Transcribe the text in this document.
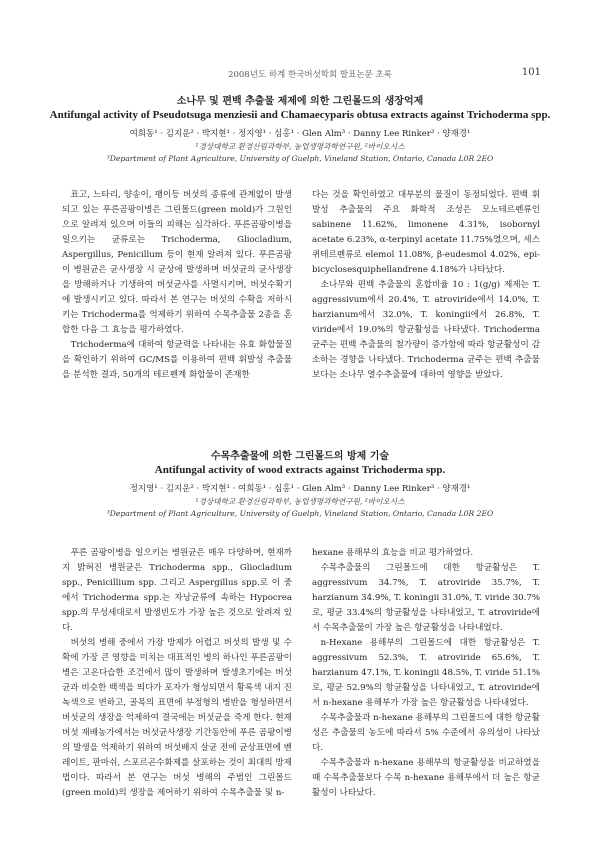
2008년도 하계 한국버섯학회 발표논문 초록	101
소나무 및 편백 추출물 제제에 의한 그린몰드의 생장억제
Antifungal activity of Pseudotsuga menziesii and Chamaecyparis obtusa extracts against Trichoderma spp.
여희동¹ · 김지운² · 박지현¹ · 정지영¹ · 심홍¹ · Glen Alm³ · Danny Lee Rinker³ · 양재경¹
¹경상대학교 환경산림과학부, 농업생명과학연구원, ²바이오시스
³Department of Plant Agriculture, University of Guelph, Vineland Station, Ontario, Canada L0R 2EO

표고, 느타리, 양송이, 팽이등 버섯의 종류에 관계없이 발생되고 있는 푸른곰팡이병은 그린몰드(green mold)가 그원인으로 알려져 있으며 이들의 피해는 심각하다. 푸른곰팡이병을 일으키는 균류로는 Trichoderma, Gliocladium, Aspergillus, Penicillum 등이 현재 알려져 있다. 푸른곰팡이 병원균은 균사생장 시 균상에 발생하며 버섯균의 균사생장을 방해하거나 기생하여 버섯균사를 사멸시키며, 버섯수확기에 발생시키고 있다. 따라서 본 연구는 버섯의 수확을 저하시키는 Trichoderma를 억제하기 위하여 수목추출물 2종을 혼합한 다음 그 효능을 평가하였다.

Trichoderma에 대하여 항균력을 나타내는 유효 화합물질을 확인하기 위하여 GC/MS를 이용하여 편백 휘발성 추출물을 분석한 결과, 50개의 테르펜계 화합물이 존재한

다는 것을 확인하였고 대부분의 물질이 동정되었다. 편백 휘발성 추출물의 주요 화학적 조성은 모노테르펜류인 sabinene 11.62%, limonene 4.31%, isobornyl acetate 6.23%, α-terpinyl acetate 11.75%였으며, 세스퀴테르펜류로 elemol 11.08%, β-eudesmol 4.02%, epi-bicyclosesquiphellandrene 4.18%가 나타났다.

소나무와 편백 추출물의 혼합비율 10 : 1(g/g) 제제는 T. aggressivum에서 20.4%, T. atroviride에서 14.0%, T. harzianum에서 32.0%, T. koningii에서 26.8%, T. viride에서 19.0%의 항균활성을 나타냈다. Trichoderma 균주는 편백 추출물의 첨가량이 증가함에 따라 항균활성이 감소하는 경향을 나타냈다. Trichoderma 균주는 편백 추출물보다는 소나무 열수추출물에 대하여 영향을 받았다.

수목추출물에 의한 그린몰드의 방제 기술
Antifungal activity of wood extracts against Trichoderma spp.
정지영¹ · 김지운² · 박지현¹ · 여희동¹ · 심홍¹ · Glen Alm³ · Danny Lee Rinker³ · 양재경¹
¹경상대학교 환경산림과학부, 농업생명과학연구원, ²바이오시스
³Department of Plant Agriculture, University of Guelph, Vineland Station, Ontario, Canada L0R 2EO

푸른 곰팡이병을 일으키는 병원균은 매우 다양하며, 현재까지 밝혀진 병원균은 Trichoderma spp., Gliocladium spp., Penicillium spp. 그리고 Aspergillus spp.로 이 중에서 Trichoderma spp.는 자낭균류에 속하는 Hypocrea spp.의 무성세대로서 발생빈도가 가장 높은 것으로 알려져 있다.

버섯의 병해 중에서 가장 방제가 어렵고 버섯의 발생 및 수확에 가장 큰 영향을 미치는 대표적인 병의 하나인 푸른곰팡이병은 고온다습한 조건에서 많이 발생하며 발생초기에는 버섯균과 비슷한 백색을 띄다가 포자가 형성되면서 황록색 내지 진녹색으로 변하고, 골목의 표면에 부정형의 병반을 형성하면서 버섯균의 생장을 억제하여 결국에는 버섯균을 죽게 한다. 현재 버섯 재배농가에서는 버섯균사생장 기간동안에 푸른 곰팡이병의 발생을 억제하기 위하여 버섯배지 살균 전에 균상표면에 벤레이트, 판마쉬, 스포르곤수화제를 살포하는 것이 최대의 방제법이다. 따라서 본 연구는 버섯 병해의 주범인 그린몰드(green mold)의 생장을 제어하기 위하여 수목추출물 및 n-

hexane 용해부의 효능을 비교 평가하였다.

수목추출물의 그린몰드에 대한 항균활성은 T. aggressivum 34.7%, T. atroviride 35.7%, T. harzianum 34.9%, T. koningii 31.0%, T. viride 30.7%로, 평균 33.4%의 항균활성을 나타내었고, T. atroviride에서 수목추출물이 가장 높은 항균활성을 나타내었다.

n-Hexane 용해부의 그린몰드에 대한 항균활성은 T. aggressivum 52.3%, T. atroviride 65.6%, T. harzianum 47.1%, T. koningii 48.5%, T. viride 51.1%로, 평균 52.9%의 항균활성을 나타내었고, T. atroviride에서 n-hexane 용해부가 가장 높은 항균활성을 나타내었다.

수목추출물과 n-hexane 용해부의 그린몰드에 대한 항균활성은 추출물의 농도에 따라서 5% 수준에서 유의성이 나타났다.

수목추출물과 n-hexane 용해부의 항균활성을 비교하였을 때 수목추출물보다 수목 n-hexane 용해부에서 더 높은 항균활성이 나타났다.
